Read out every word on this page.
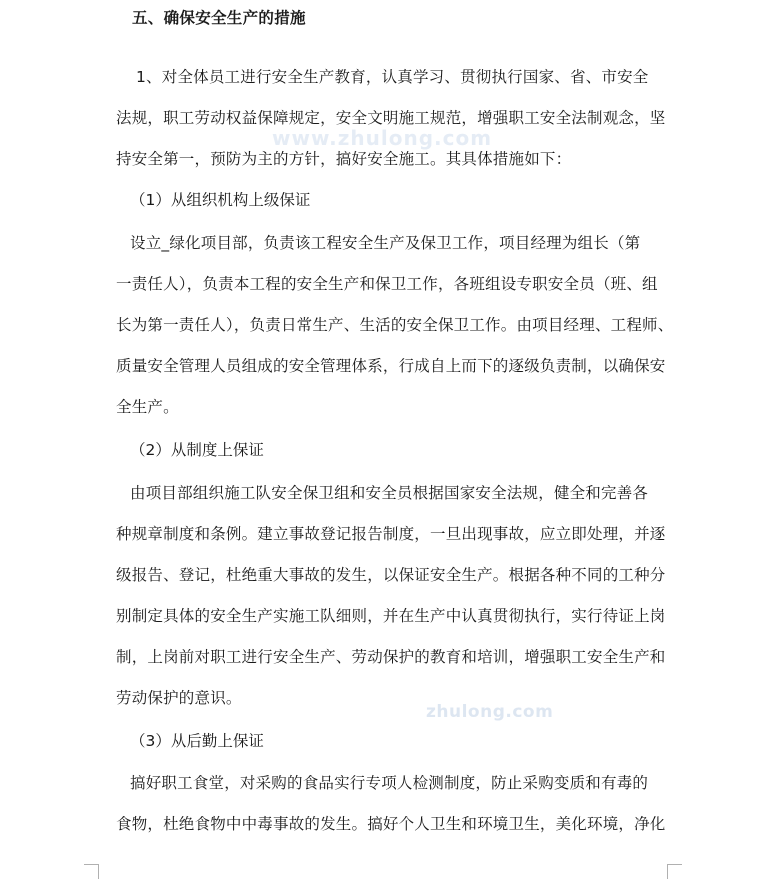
五、确保安全生产的措施
1、对全体员工进行安全生产教育，认真学习、贯彻执行国家、省、市安全
法规，职工劳动权益保障规定，安全文明施工规范，增强职工安全法制观念，坚
持安全第一，预防为主的方针，搞好安全施工。其具体措施如下：
（1）从组织机构上级保证
设立_绿化项目部，负责该工程安全生产及保卫工作，项目经理为组长（第
一责任人），负责本工程的安全生产和保卫工作，各班组设专职安全员（班、组
长为第一责任人），负责日常生产、生活的安全保卫工作。由项目经理、工程师、
质量安全管理人员组成的安全管理体系，行成自上而下的逐级负责制，以确保安
全生产。
（2）从制度上保证
由项目部组织施工队安全保卫组和安全员根据国家安全法规，健全和完善各
种规章制度和条例。建立事故登记报告制度，一旦出现事故，应立即处理，并逐
级报告、登记，杜绝重大事故的发生，以保证安全生产。根据各种不同的工种分
别制定具体的安全生产实施工队细则，并在生产中认真贯彻执行，实行待证上岗
制，上岗前对职工进行安全生产、劳动保护的教育和培训，增强职工安全生产和
劳动保护的意识。
（3）从后勤上保证
搞好职工食堂，对采购的食品实行专项人检测制度，防止采购变质和有毒的
食物，杜绝食物中中毒事故的发生。搞好个人卫生和环境卫生，美化环境，净化
www.zhulong.com
zhulong.com
